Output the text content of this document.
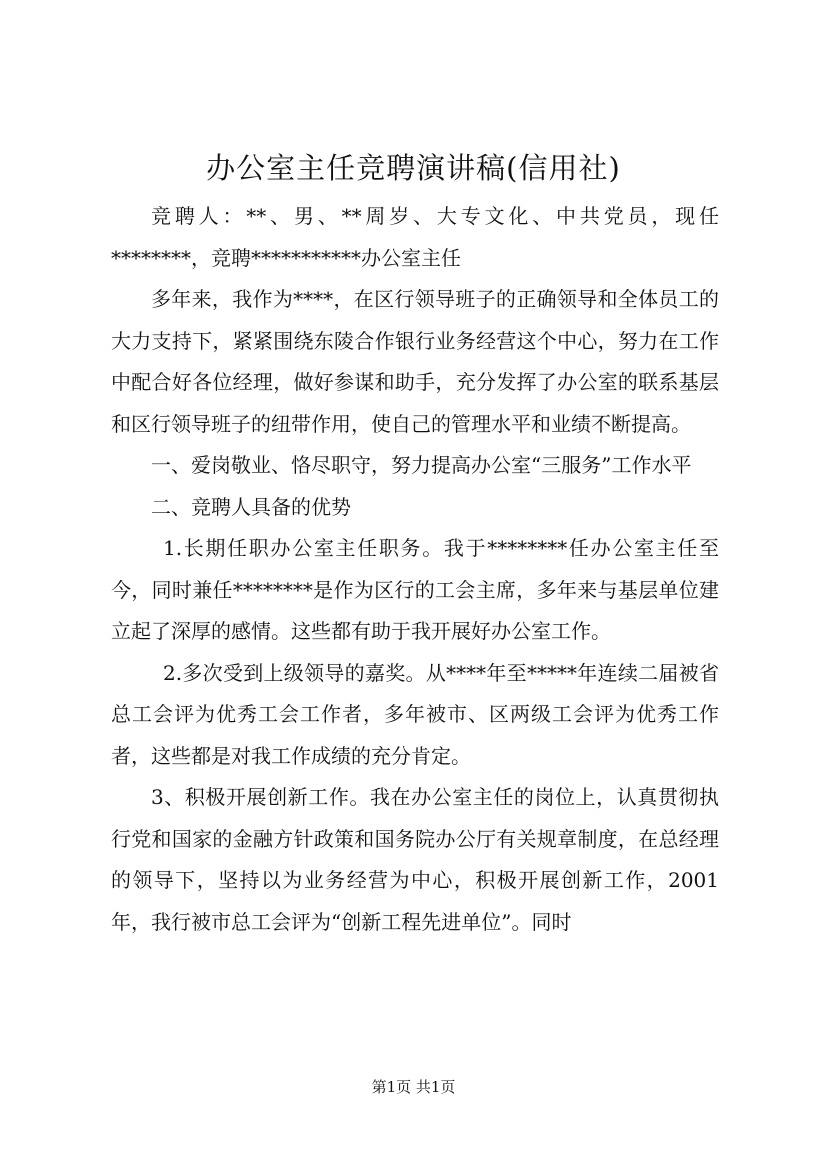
办公室主任竞聘演讲稿(信用社)

竞聘人：**、男、**周岁、大专文化、中共党员，现任********，竞聘***********办公室主任

多年来，我作为****，在区行领导班子的正确领导和全体员工的大力支持下，紧紧围绕东陵合作银行业务经营这个中心，努力在工作中配合好各位经理，做好参谋和助手，充分发挥了办公室的联系基层和区行领导班子的纽带作用，使自己的管理水平和业绩不断提高。

一、爱岗敬业、恪尽职守，努力提高办公室“三服务”工作水平

二、竞聘人具备的优势

1.长期任职办公室主任职务。我于********任办公室主任至今，同时兼任********是作为区行的工会主席，多年来与基层单位建立起了深厚的感情。这些都有助于我开展好办公室工作。

2.多次受到上级领导的嘉奖。从****年至*****年连续二届被省总工会评为优秀工会工作者，多年被市、区两级工会评为优秀工作者，这些都是对我工作成绩的充分肯定。

3、积极开展创新工作。我在办公室主任的岗位上，认真贯彻执行党和国家的金融方针政策和国务院办公厅有关规章制度，在总经理的领导下，坚持以为业务经营为中心，积极开展创新工作，2001年，我行被市总工会评为“创新工程先进单位”。同时

第1页 共1页
